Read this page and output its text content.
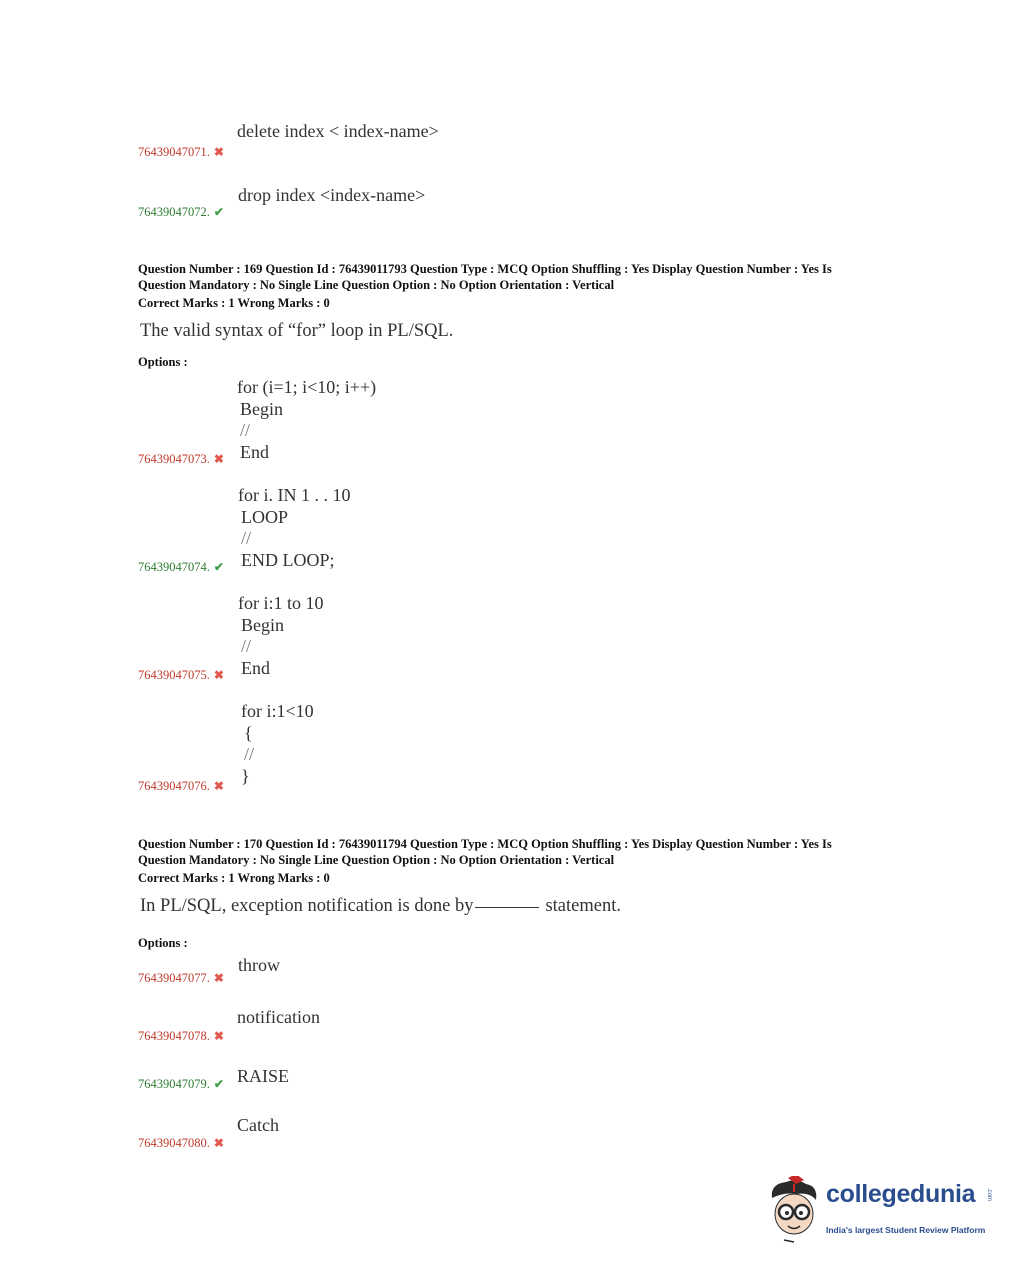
delete index < index-name>
76439047071. ✖
drop index <index-name>
76439047072. ✔
Question Number : 169 Question Id : 76439011793 Question Type : MCQ Option Shuffling : Yes Display Question Number : Yes Is
Question Mandatory : No Single Line Question Option : No Option Orientation : Vertical
Correct Marks : 1 Wrong Marks : 0
The valid syntax of “for” loop in PL/SQL.
Options :
for (i=1; i<10; i++)
Begin
//
End
76439047073. ✖
for i. IN 1 . . 10
LOOP
//
END LOOP;
76439047074. ✔
for i:1 to 10
Begin
//
End
76439047075. ✖
for i:1<10
{
//
}
76439047076. ✖
Question Number : 170 Question Id : 76439011794 Question Type : MCQ Option Shuffling : Yes Display Question Number : Yes Is
Question Mandatory : No Single Line Question Option : No Option Orientation : Vertical
Correct Marks : 1 Wrong Marks : 0
In PL/SQL, exception notification is done by	statement.
Options :
throw
76439047077. ✖
notification
76439047078. ✖
RAISE
76439047079. ✔
Catch
76439047080. ✖
collegedunia .com
India's largest Student Review Platform
